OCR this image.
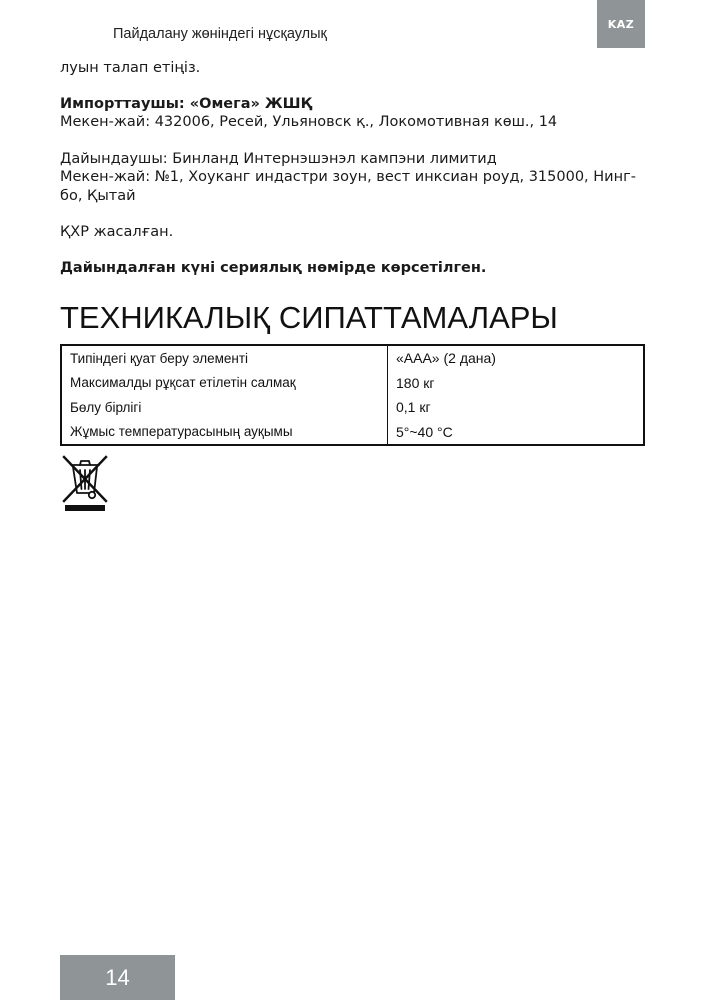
Пайдалану жөніндегі нұсқаулық
KAZ

луын талап етіңіз.

Импорттаушы: «Омега» ЖШҚ

Мекен-жай: 432006, Ресей, Ульяновск қ., Локомотивная көш., 14

Дайындаушы: Бинланд Интернэшэнэл кампэни лимитид

Мекен-жай: №1, Хоуканг индастри зоун, вест инксиан роуд, 315000, Нинг-

бо, Қытай

ҚХР жасалған.

Дайындалған күні сериялық нөмірде көрсетілген.

ТЕХНИКАЛЫҚ СИПАТТАМАЛАРЫ
Типіндегі қуат беру элементі	«AAA» (2 дана)
Максималды рұқсат етілетін салмақ	180 кг
Бөлу бірлігі	0,1 кг
Жұмыс температурасының ауқымы	5°~40 °C
14
